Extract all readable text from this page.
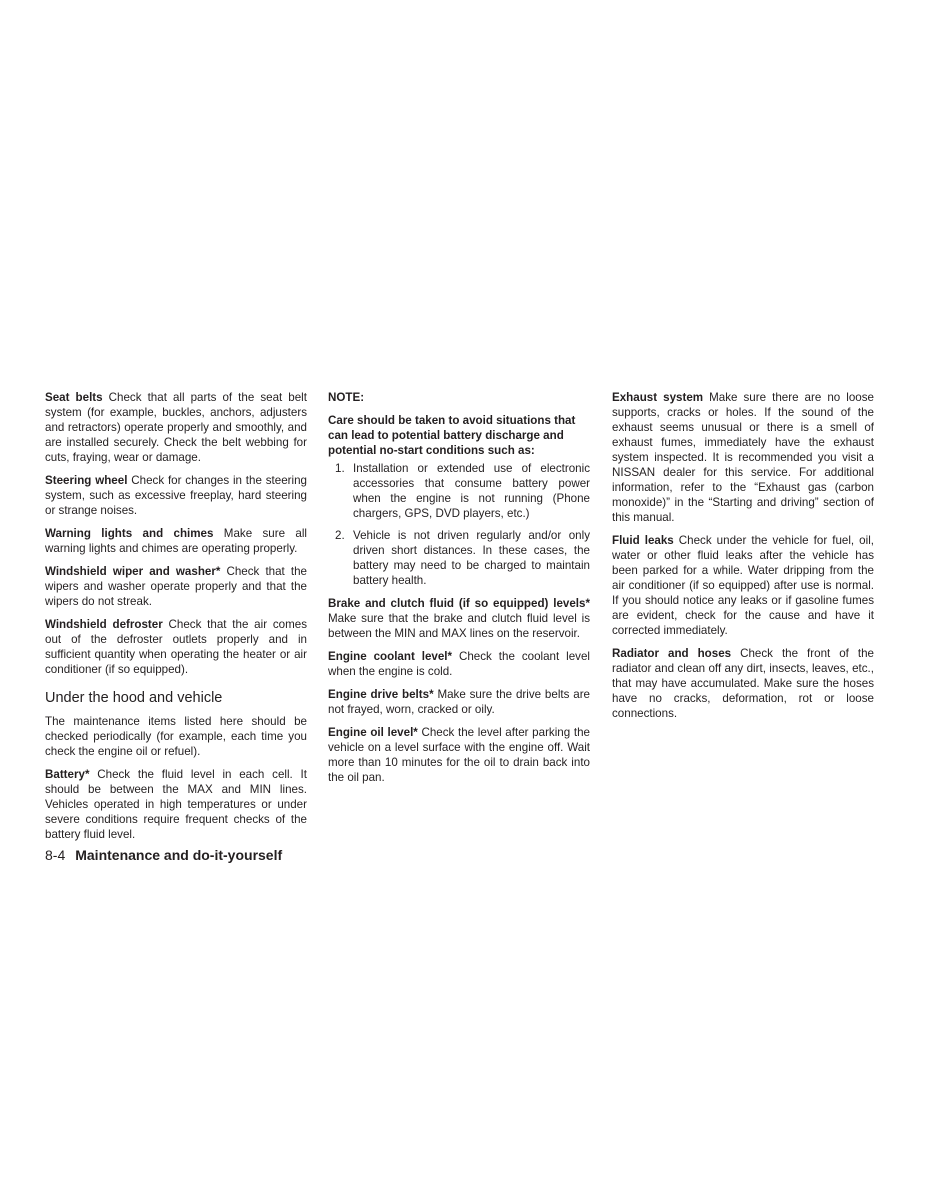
Seat belts Check that all parts of the seat belt system (for example, buckles, anchors, adjusters and retractors) operate properly and smoothly, and are installed securely. Check the belt webbing for cuts, fraying, wear or damage.

Steering wheel Check for changes in the steering system, such as excessive freeplay, hard steering or strange noises.

Warning lights and chimes Make sure all warning lights and chimes are operating properly.

Windshield wiper and washer* Check that the wipers and washer operate properly and that the wipers do not streak.

Windshield defroster Check that the air comes out of the defroster outlets properly and in sufficient quantity when operating the heater or air conditioner (if so equipped).

Under the hood and vehicle

The maintenance items listed here should be checked periodically (for example, each time you check the engine oil or refuel).

Battery* Check the fluid level in each cell. It should be between the MAX and MIN lines. Vehicles operated in high temperatures or under severe conditions require frequent checks of the battery fluid level.

NOTE:

Care should be taken to avoid situations that can lead to potential battery discharge and potential no-start conditions such as:

1. Installation or extended use of electronic accessories that consume battery power when the engine is not running (Phone chargers, GPS, DVD players, etc.)
2. Vehicle is not driven regularly and/or only driven short distances. In these cases, the battery may need to be charged to maintain battery health.

Brake and clutch fluid (if so equipped) levels* Make sure that the brake and clutch fluid level is between the MIN and MAX lines on the reservoir.

Engine coolant level* Check the coolant level when the engine is cold.

Engine drive belts* Make sure the drive belts are not frayed, worn, cracked or oily.

Engine oil level* Check the level after parking the vehicle on a level surface with the engine off. Wait more than 10 minutes for the oil to drain back into the oil pan.

Exhaust system Make sure there are no loose supports, cracks or holes. If the sound of the exhaust seems unusual or there is a smell of exhaust fumes, immediately have the exhaust system inspected. It is recommended you visit a NISSAN dealer for this service. For additional information, refer to the “Exhaust gas (carbon monoxide)” in the “Starting and driving” section of this manual.

Fluid leaks Check under the vehicle for fuel, oil, water or other fluid leaks after the vehicle has been parked for a while. Water dripping from the air conditioner (if so equipped) after use is normal. If you should notice any leaks or if gasoline fumes are evident, check for the cause and have it corrected immediately.

Radiator and hoses Check the front of the radiator and clean off any dirt, insects, leaves, etc., that may have accumulated. Make sure the hoses have no cracks, deformation, rot or loose connections.

8-4 Maintenance and do-it-yourself
